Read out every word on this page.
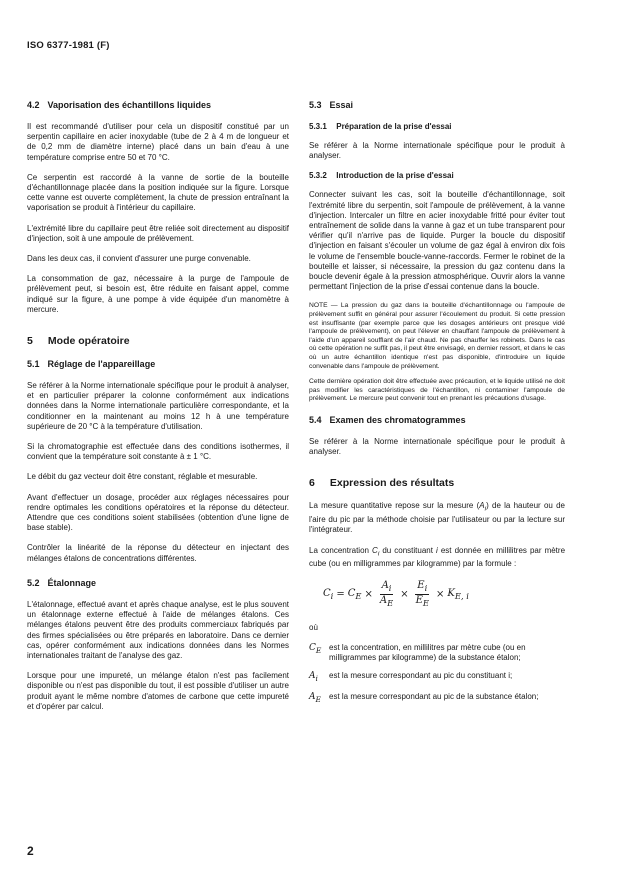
ISO 6377-1981 (F)
4.2 Vaporisation des échantillons liquides

Il est recommandé d'utiliser pour cela un dispositif constitué par un serpentin capillaire en acier inoxydable (tube de 2 à 4 m de longueur et de 0,2 mm de diamètre interne) placé dans un bain d'eau à une température comprise entre 50 et 70 °C.

Ce serpentin est raccordé à la vanne de sortie de la bouteille d'échantillonnage placée dans la position indiquée sur la figure. Lorsque cette vanne est ouverte complètement, la chute de pression entraînant la vaporisation se produit à l'intérieur du capillaire.

L'extrémité libre du capillaire peut être reliée soit directement au dispositif d'injection, soit à une ampoule de prélèvement.

Dans les deux cas, il convient d'assurer une purge convenable.

La consommation de gaz, nécessaire à la purge de l'ampoule de prélèvement peut, si besoin est, être réduite en faisant appel, comme indiqué sur la figure, à une pompe à vide équipée d'un manomètre à mercure.

5 Mode opératoire
5.1 Réglage de l'appareillage

Se référer à la Norme internationale spécifique pour le produit à analyser, et en particulier préparer la colonne conformément aux indications données dans la Norme internationale particulière correspondante, et la conditionner en la maintenant au moins 12 h à une température supérieure de 20 °C à la température d'utilisation.

Si la chromatographie est effectuée dans des conditions isothermes, il convient que la température soit constante à ± 1 °C.

Le débit du gaz vecteur doit être constant, réglable et mesurable.

Avant d'effectuer un dosage, procéder aux réglages nécessaires pour rendre optimales les conditions opératoires et la réponse du détecteur. Attendre que ces conditions soient stabilisées (obtention d'une ligne de base stable).

Contrôler la linéarité de la réponse du détecteur en injectant des mélanges étalons de concentrations différentes.

5.2 Étalonnage

L'étalonnage, effectué avant et après chaque analyse, est le plus souvent un étalonnage externe effectué à l'aide de mélanges étalons. Ces mélanges étalons peuvent être des produits commerciaux fabriqués par des firmes spécialisées ou être préparés en laboratoire. Dans ce dernier cas, opérer conformément aux indications données dans les Normes internationales traitant de l'analyse des gaz.

Lorsque pour une impureté, un mélange étalon n'est pas facilement disponible ou n'est pas disponible du tout, il est possible d'utiliser un autre produit ayant le même nombre d'atomes de carbone que cette impureté et d'opérer par calcul.

5.3 Essai
5.3.1 Préparation de la prise d'essai

Se référer à la Norme internationale spécifique pour le produit à analyser.

5.3.2 Introduction de la prise d'essai

Connecter suivant les cas, soit la bouteille d'échantillonnage, soit l'extrémité libre du serpentin, soit l'ampoule de prélèvement, à la vanne d'injection. Intercaler un filtre en acier inoxydable fritté pour éviter tout entraînement de solide dans la vanne à gaz et un tube transparent pour vérifier qu'il n'arrive pas de liquide. Purger la boucle du dispositif d'injection en faisant s'écouler un volume de gaz égal à environ dix fois le volume de l'ensemble boucle-vanne-raccords. Fermer le robinet de la bouteille et laisser, si nécessaire, la pression du gaz contenu dans la boucle devenir égale à la pression atmosphérique. Ouvrir alors la vanne permettant l'injection de la prise d'essai contenue dans la boucle.

NOTE — La pression du gaz dans la bouteille d'échantillonnage ou l'ampoule de prélèvement suffit en général pour assurer l'écoulement du produit. Si cette pression est insuffisante (par exemple parce que les dosages antérieurs ont presque vidé l'ampoule de prélèvement), on peut l'élever en chauffant l'ampoule de prélèvement à l'aide d'un appareil soufflant de l'air chaud. Ne pas chauffer les robinets. Dans le cas où cette opération ne suffit pas, il peut être envisagé, en dernier ressort, et dans le cas où un autre échantillon identique n'est pas disponible, d'introduire un liquide convenable dans l'ampoule de prélèvement.

Cette dernière opération doit être effectuée avec précaution, et le liquide utilisé ne doit pas modifier les caractéristiques de l'échantillon, ni contaminer l'ampoule de prélèvement. Le mercure peut convenir tout en prenant les précautions d'usage.

5.4 Examen des chromatogrammes

Se référer à la Norme internationale spécifique pour le produit à analyser.

6 Expression des résultats

La mesure quantitative repose sur la mesure $(A_i)$ de la hauteur ou de l'aire du pic par la méthode choisie par l'utilisateur ou par la lecture sur l'intégrateur.

La concentration $C_i$ du constituant i est donnée en millilitres par mètre cube (ou en milligrammes par kilogramme) par la formule :

$C_i = C_E \times \frac{A_i}{A_E} \times \frac{E_i}{E_E} \times K_{E, i}$

où

$C_E$ est la concentration, en millilitres par mètre cube (ou en milligrammes par kilogramme) de la substance étalon;
$A_i$	est la mesure correspondant au pic du constituant i;
$A_E$	est la mesure correspondant au pic de la substance étalon;
2
